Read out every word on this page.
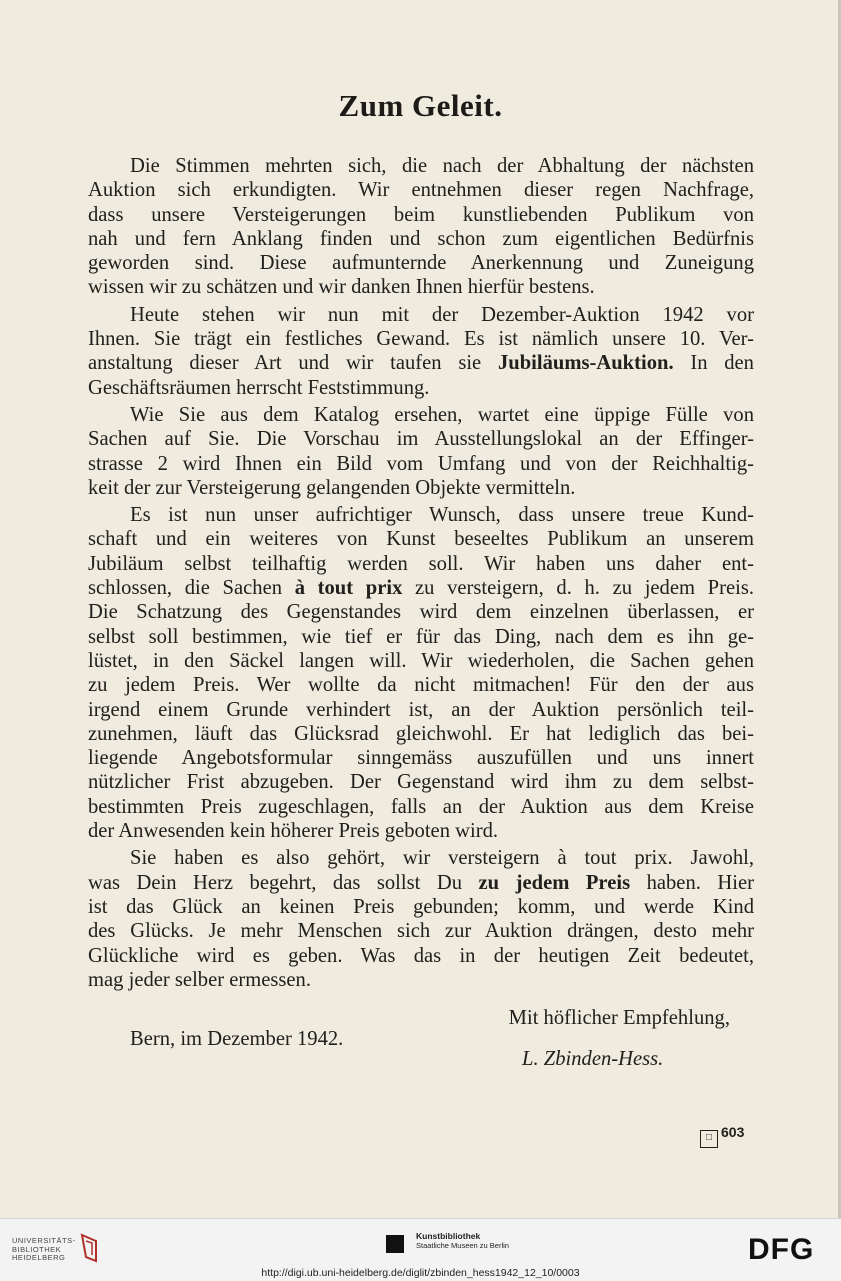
Zum Geleit.

Die Stimmen mehrten sich, die nach der Abhaltung der nächsten
Auktion sich erkundigten. Wir entnehmen dieser regen Nachfrage,
dass unsere Versteigerungen beim kunstliebenden Publikum von
nah und fern Anklang finden und schon zum eigentlichen Bedürfnis
geworden sind. Diese aufmunternde Anerkennung und Zuneigung
wissen wir zu schätzen und wir danken Ihnen hierfür bestens.

Heute stehen wir nun mit der Dezember-Auktion 1942 vor
Ihnen. Sie trägt ein festliches Gewand. Es ist nämlich unsere 10. Ver-
anstaltung dieser Art und wir taufen sie Jubiläums-Auktion. In den
Geschäftsräumen herrscht Feststimmung.

Wie Sie aus dem Katalog ersehen, wartet eine üppige Fülle von
Sachen auf Sie. Die Vorschau im Ausstellungslokal an der Effinger-
strasse 2 wird Ihnen ein Bild vom Umfang und von der Reichhaltig-
keit der zur Versteigerung gelangenden Objekte vermitteln.

Es ist nun unser aufrichtiger Wunsch, dass unsere treue Kund-
schaft und ein weiteres von Kunst beseeltes Publikum an unserem
Jubiläum selbst teilhaftig werden soll. Wir haben uns daher ent-
schlossen, die Sachen à tout prix zu versteigern, d. h. zu jedem Preis.
Die Schatzung des Gegenstandes wird dem einzelnen überlassen, er
selbst soll bestimmen, wie tief er für das Ding, nach dem es ihn ge-
lüstet, in den Säckel langen will. Wir wiederholen, die Sachen gehen
zu jedem Preis. Wer wollte da nicht mitmachen! Für den der aus
irgend einem Grunde verhindert ist, an der Auktion persönlich teil-
zunehmen, läuft das Glücksrad gleichwohl. Er hat lediglich das bei-
liegende Angebotsformular sinngemäss auszufüllen und uns innert
nützlicher Frist abzugeben. Der Gegenstand wird ihm zu dem selbst-
bestimmten Preis zugeschlagen, falls an der Auktion aus dem Kreise
der Anwesenden kein höherer Preis geboten wird.

Sie haben es also gehört, wir versteigern à tout prix. Jawohl,
was Dein Herz begehrt, das sollst Du zu jedem Preis haben. Hier
ist das Glück an keinen Preis gebunden; komm, und werde Kind
des Glücks. Je mehr Menschen sich zur Auktion drängen, desto mehr
Glückliche wird es geben. Was das in der heutigen Zeit bedeutet,
mag jeder selber ermessen.

Mit höflicher Empfehlung,
Bern, im Dezember 1942.
L. Zbinden-Hess.
□ 603
UNIVERSITÄTS-
BIBLIOTHEK
HEIDELBERG
Kunstbibliothek
Staatliche Museen zu Berlin	DFG
http://digi.ub.uni-heidelberg.de/diglit/zbinden_hess1942_12_10/0003
